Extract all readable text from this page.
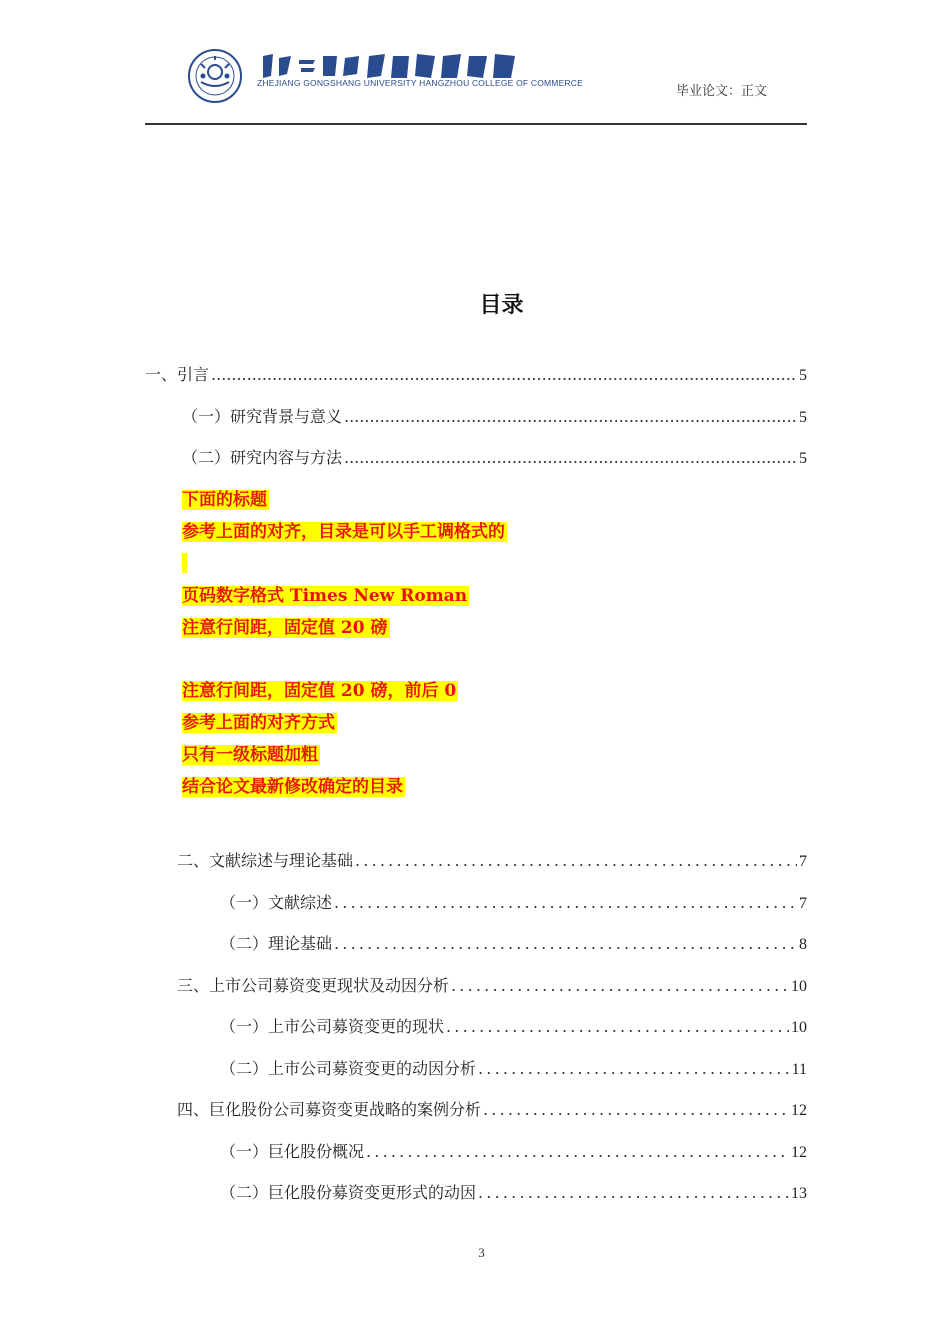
ZHEJIANG GONGSHANG UNIVERSITY HANGZHOU COLLEGE OF COMMERCE
毕业论文：正文
目录
一、引言 .....	5
（一）研究背景与意义 .....	5
（二）研究内容与方法 .....	5
下面的标题
参考上面的对齐，目录是可以手工调格式的
页码数字格式 Times New Roman
注意行间距，固定值 20 磅
注意行间距，固定值 20 磅，前后 0
参考上面的对齐方式
只有一级标题加粗
结合论文最新修改确定的目录
二、文献综述与理论基础 .....	7
（一）文献综述 .....	7
（二）理论基础 .....	8
三、上市公司募资变更现状及动因分析 .....	10
（一）上市公司募资变更的现状 .....	10
（二）上市公司募资变更的动因分析 .....	11
四、巨化股份公司募资变更战略的案例分析 .....	12
（一）巨化股份概况 .....	12
（二）巨化股份募资变更形式的动因 .....	13
3
